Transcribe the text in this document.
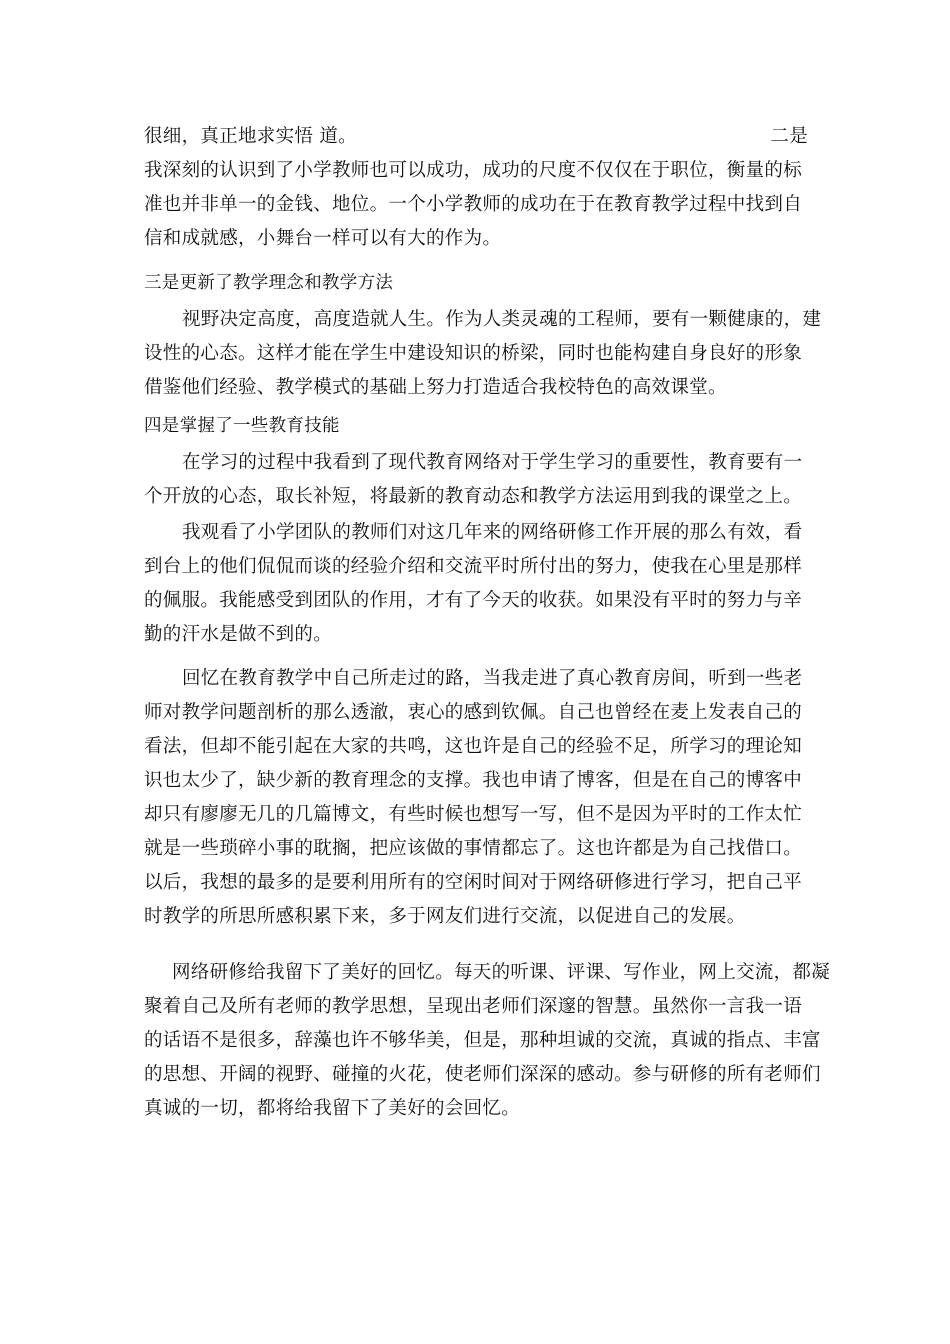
很细，真正地求实悟 道。	二是
我深刻的认识到了小学教师也可以成功，成功的尺度不仅仅在于职位，衡量的标
准也并非单一的金钱、地位。一个小学教师的成功在于在教育教学过程中找到自
信和成就感，小舞台一样可以有大的作为。
三是更新了教学理念和教学方法
视野决定高度，高度造就人生。作为人类灵魂的工程师，要有一颗健康的，建
设性的心态。这样才能在学生中建设知识的桥梁，同时也能构建自身良好的形象
借鉴他们经验、教学模式的基础上努力打造适合我校特色的高效课堂。
四是掌握了一些教育技能
在学习的过程中我看到了现代教育网络对于学生学习的重要性，教育要有一
个开放的心态，取长补短，将最新的教育动态和教学方法运用到我的课堂之上。
我观看了小学团队的教师们对这几年来的网络研修工作开展的那么有效，看
到台上的他们侃侃而谈的经验介绍和交流平时所付出的努力，使我在心里是那样
的佩服。我能感受到团队的作用，才有了今天的收获。如果没有平时的努力与辛
勤的汗水是做不到的。
回忆在教育教学中自己所走过的路，当我走进了真心教育房间，听到一些老
师对教学问题剖析的那么透澈，衷心的感到钦佩。自己也曾经在麦上发表自己的
看法，但却不能引起在大家的共鸣，这也许是自己的经验不足，所学习的理论知
识也太少了，缺少新的教育理念的支撑。我也申请了博客，但是在自己的博客中
却只有廖廖无几的几篇博文，有些时候也想写一写，但不是因为平时的工作太忙
就是一些琐碎小事的耽搁，把应该做的事情都忘了。这也许都是为自己找借口。
以后，我想的最多的是要利用所有的空闲时间对于网络研修进行学习，把自己平
时教学的所思所感积累下来，多于网友们进行交流，以促进自己的发展。
网络研修给我留下了美好的回忆。每天的听课、评课、写作业，网上交流，都凝
聚着自己及所有老师的教学思想，呈现出老师们深邃的智慧。虽然你一言我一语
的话语不是很多，辞藻也许不够华美，但是，那种坦诚的交流，真诚的指点、丰富
的思想、开阔的视野、碰撞的火花，使老师们深深的感动。参与研修的所有老师们
真诚的一切，都将给我留下了美好的会回忆。
